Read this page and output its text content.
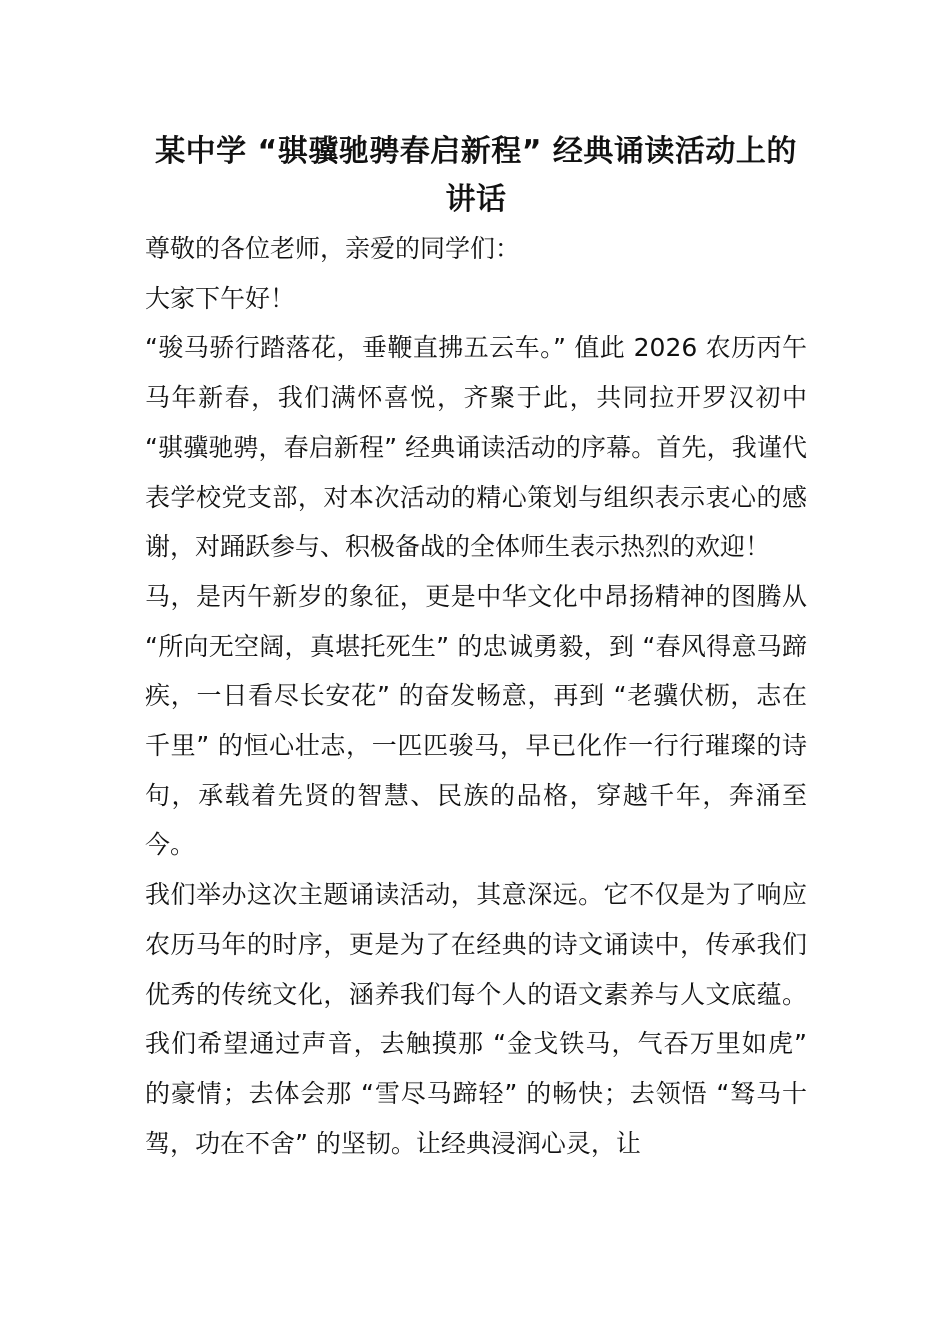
某中学 “骐骥驰骋春启新程” 经典诵读活动上的讲话

尊敬的各位老师，亲爱的同学们：

大家下午好！

“骏马骄行踏落花，垂鞭直拂五云车。” 值此 2026 农历丙午马年新春，我们满怀喜悦，齐聚于此，共同拉开罗汉初中 “骐骥驰骋，春启新程” 经典诵读活动的序幕。首先，我谨代表学校党支部，对本次活动的精心策划与组织表示衷心的感谢，对踊跃参与、积极备战的全体师生表示热烈的欢迎！

马，是丙午新岁的象征，更是中华文化中昂扬精神的图腾从 “所向无空阔，真堪托死生” 的忠诚勇毅，到 “春风得意马蹄疾，一日看尽长安花” 的奋发畅意，再到 “老骥伏枥，志在千里” 的恒心壮志，一匹匹骏马，早已化作一行行璀璨的诗句，承载着先贤的智慧、民族的品格，穿越千年，奔涌至今。

我们举办这次主题诵读活动，其意深远。它不仅是为了响应农历马年的时序，更是为了在经典的诗文诵读中，传承我们优秀的传统文化，涵养我们每个人的语文素养与人文底蕴。我们希望通过声音，去触摸那 “金戈铁马，气吞万里如虎” 的豪情；去体会那 “雪尽马蹄轻” 的畅快；去领悟 “驽马十驾，功在不舍” 的坚韧。让经典浸润心灵，让
